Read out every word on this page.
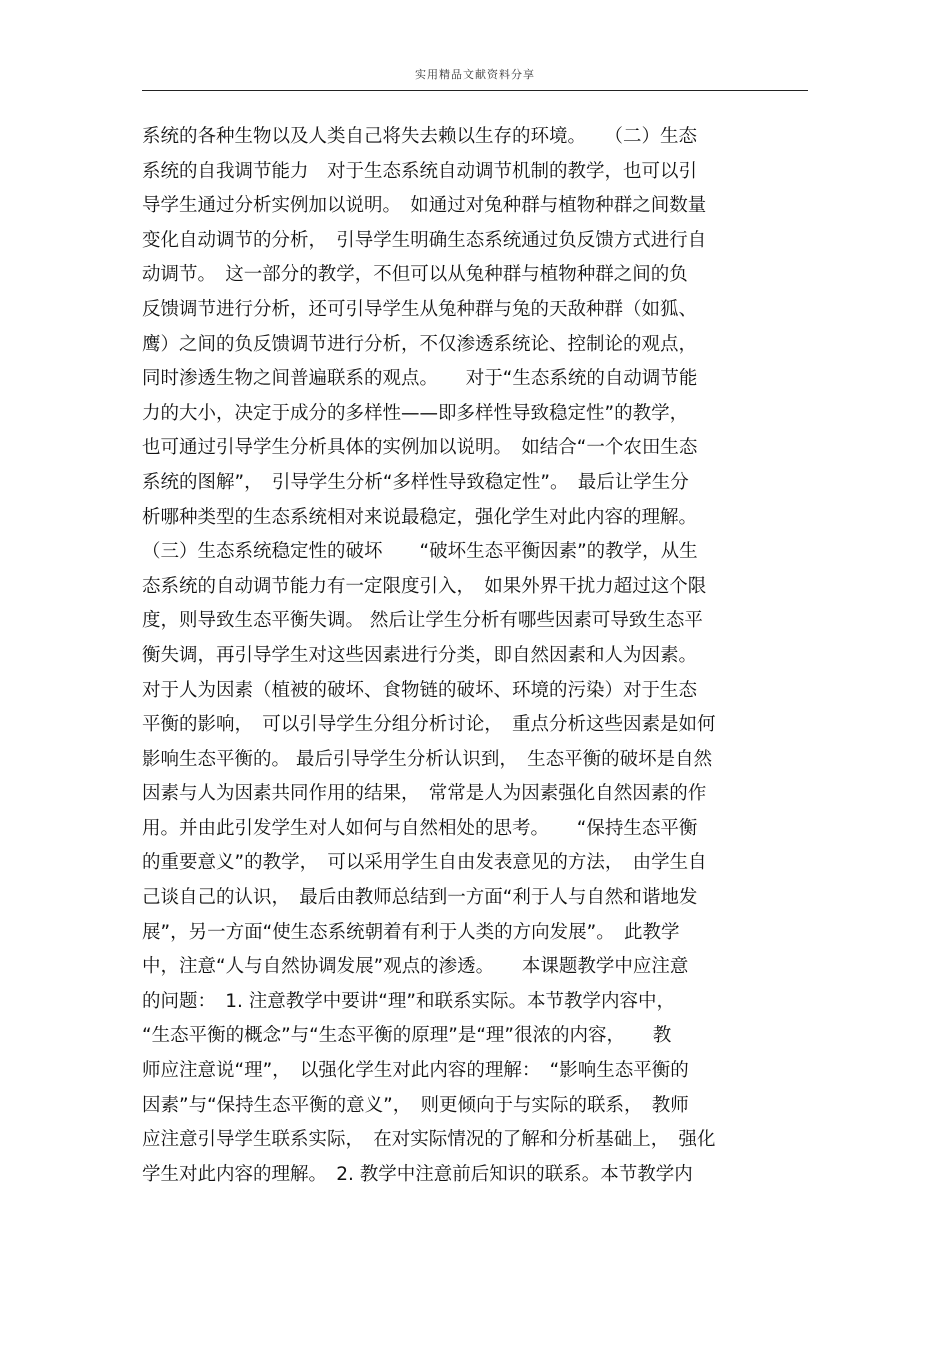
实用精品文献资料分享
系统的各种生物以及人类自己将失去赖以生存的环境。　　（二）生态
系统的自我调节能力　对于生态系统自动调节机制的教学，也可以引
导学生通过分析实例加以说明。　如通过对兔种群与植物种群之间数量
变化自动调节的分析，　引导学生明确生态系统通过负反馈方式进行自
动调节。　这一部分的教学，不但可以从兔种群与植物种群之间的负
反馈调节进行分析，还可引导学生从兔种群与兔的天敌种群（如狐、
鹰）之间的负反馈调节进行分析，不仅渗透系统论、控制论的观点，
同时渗透生物之间普遍联系的观点。　　对于“生态系统的自动调节能
力的大小，决定于成分的多样性——即多样性导致稳定性”的教学，
也可通过引导学生分析具体的实例加以说明。　如结合“一个农田生态
系统的图解”，　引导学生分析“多样性导致稳定性”。　最后让学生分
析哪种类型的生态系统相对来说最稳定，强化学生对此内容的理解。
（三）生态系统稳定性的破坏　　“破坏生态平衡因素”的教学，从生
态系统的自动调节能力有一定限度引入，　如果外界干扰力超过这个限
度，则导致生态平衡失调。 然后让学生分析有哪些因素可导致生态平
衡失调，再引导学生对这些因素进行分类，即自然因素和人为因素。
对于人为因素（植被的破坏、食物链的破坏、环境的污染）对于生态
平衡的影响，　可以引导学生分组分析讨论，　重点分析这些因素是如何
影响生态平衡的。 最后引导学生分析认识到，　生态平衡的破坏是自然
因素与人为因素共同作用的结果，　常常是人为因素强化自然因素的作
用。并由此引发学生对人如何与自然相处的思考。　　“保持生态平衡
的重要意义”的教学，　可以采用学生自由发表意见的方法，　由学生自
己谈自己的认识，　最后由教师总结到一方面“利于人与自然和谐地发
展”，另一方面“使生态系统朝着有利于人类的方向发展”。　此教学
中，注意“人与自然协调发展”观点的渗透。　　本课题教学中应注意
的问题：　1. 注意教学中要讲“理”和联系实际。本节教学内容中，
“生态平衡的概念”与“生态平衡的原理”是“理”很浓的内容，　　教
师应注意说“理”，　以强化学生对此内容的理解：　“影响生态平衡的
因素”与“保持生态平衡的意义”，　则更倾向于与实际的联系，　教师
应注意引导学生联系实际，　在对实际情况的了解和分析基础上，　强化
学生对此内容的理解。　2. 教学中注意前后知识的联系。本节教学内
